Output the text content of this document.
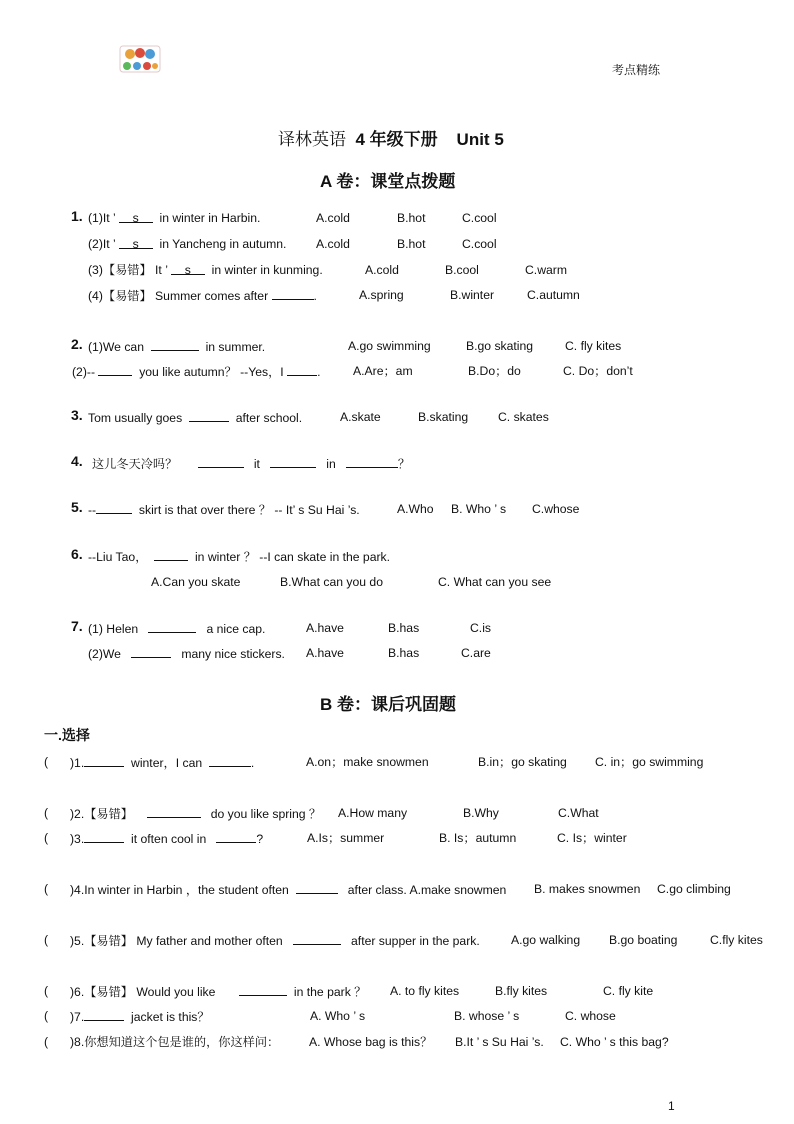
考点精练
译林英语 4 年级下册 Unit 5
A 卷：课堂点拨题
1. (1)It ’ s in winter in Harbin.	A.cold	B.hot	C.cool
(2)It ’ s in Yancheng in autumn. A.cold	B.hot	C.cool
(3)【易错】 It ’ s in winter in kunming.	A.cold	B.cool	C.warm
(4)【易错】 Summer comes after	.	A.spring	B.winter	C.autumn
2. (1)We can	in summer.	A.go swimming	B.go skating	C. fly kites
(2)--	you like autumn？ --Yes，I	.	A.Are；am	B.Do；do	C. Do；don’t
3. Tom usually goes	after school.	A.skate	B.skating C. skates
4. 这儿冬天冷吗？	it	in	？
5. --	skirt is that over there ？ -- It’ s Su Hai ’s.	A.Who B. Who ’ s C.whose
6. --Liu Tao，	in winter ？ --I can skate in the park.
A.Can you skate	B.What can you do	C. What can you see
7. (1) Helen	a nice cap.	A.have	B.has	C.is
(2)We	many nice stickers. A.have	B.has	C.are
B 卷：课后巩固题
一.选择
( )1.	winter，I can	.	A.on；make snowmen	B.in；go skating C. in；go swimming
( )2.【易错】	do you like spring ？ A.How many	B.Why	C.What
( )3.	it often cool in	?	A.Is；summer	B. Is；autumn	C. Is；winter
( )4.In winter in Harbin ，the student often	after class. A.make snowmen B. makes snowmen C.go climbing
( )5.【易错】 My father and mother often	after supper in the park.	A.go walking B.go boating	C.fly kites
( )6.【易错】 Would you like	in the park ？ A. to fly kites	B.fly kites	C. fly kite
( )7.	jacket is this？	A. Who ’ s	B. whose ’ s	C. whose
( )8.你想知道这个包是谁的，你这样问： A. Whose bag is this？ B.It ’ s Su Hai ’s. C. Who ’ s this bag?
1
